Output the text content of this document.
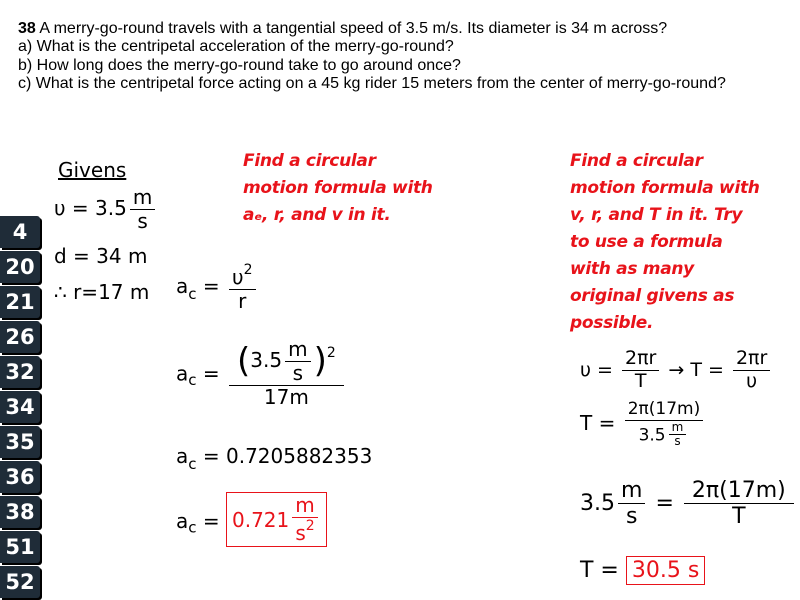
38 A merry-go-round travels with a tangential speed of 3.5 m/s. Its diameter is 34 m across?
a) What is the centripetal acceleration of the merry-go-round?
b) How long does the merry-go-round take to go around once?
c) What is the centripetal force acting on a 45 kg rider 15 meters from the center of merry-go-round?
Givens
$\upsilon = 3.5 \frac{m}{s}$
d = 34 m
∴ r=17 m
Find a circular
motion formula with
aₑ, r, and v in it.
Find a circular
motion formula with
v, r, and T in it. Try
to use a formula
with as many
original givens as
possible.
$a_c = \frac{\upsilon^2}{r}$
$a_c = \frac{(3.5 \frac{m}{s} )^2}{17m}$
$a_c = 0.7205882353$
$a_c = 0.721 \frac{m}{s^2}$
$\upsilon = \frac{2\pi r}{T} \to T = \frac{2\pi r}{\upsilon}$
$T = \frac{2\pi(17m)}{3.5 \frac{m}{s}}$
$3.5 \frac{m}{s} = \frac{2\pi(17m)}{T}$
T = 30.5 s
4
20
21
26
32
34
35
36
38
51
52
